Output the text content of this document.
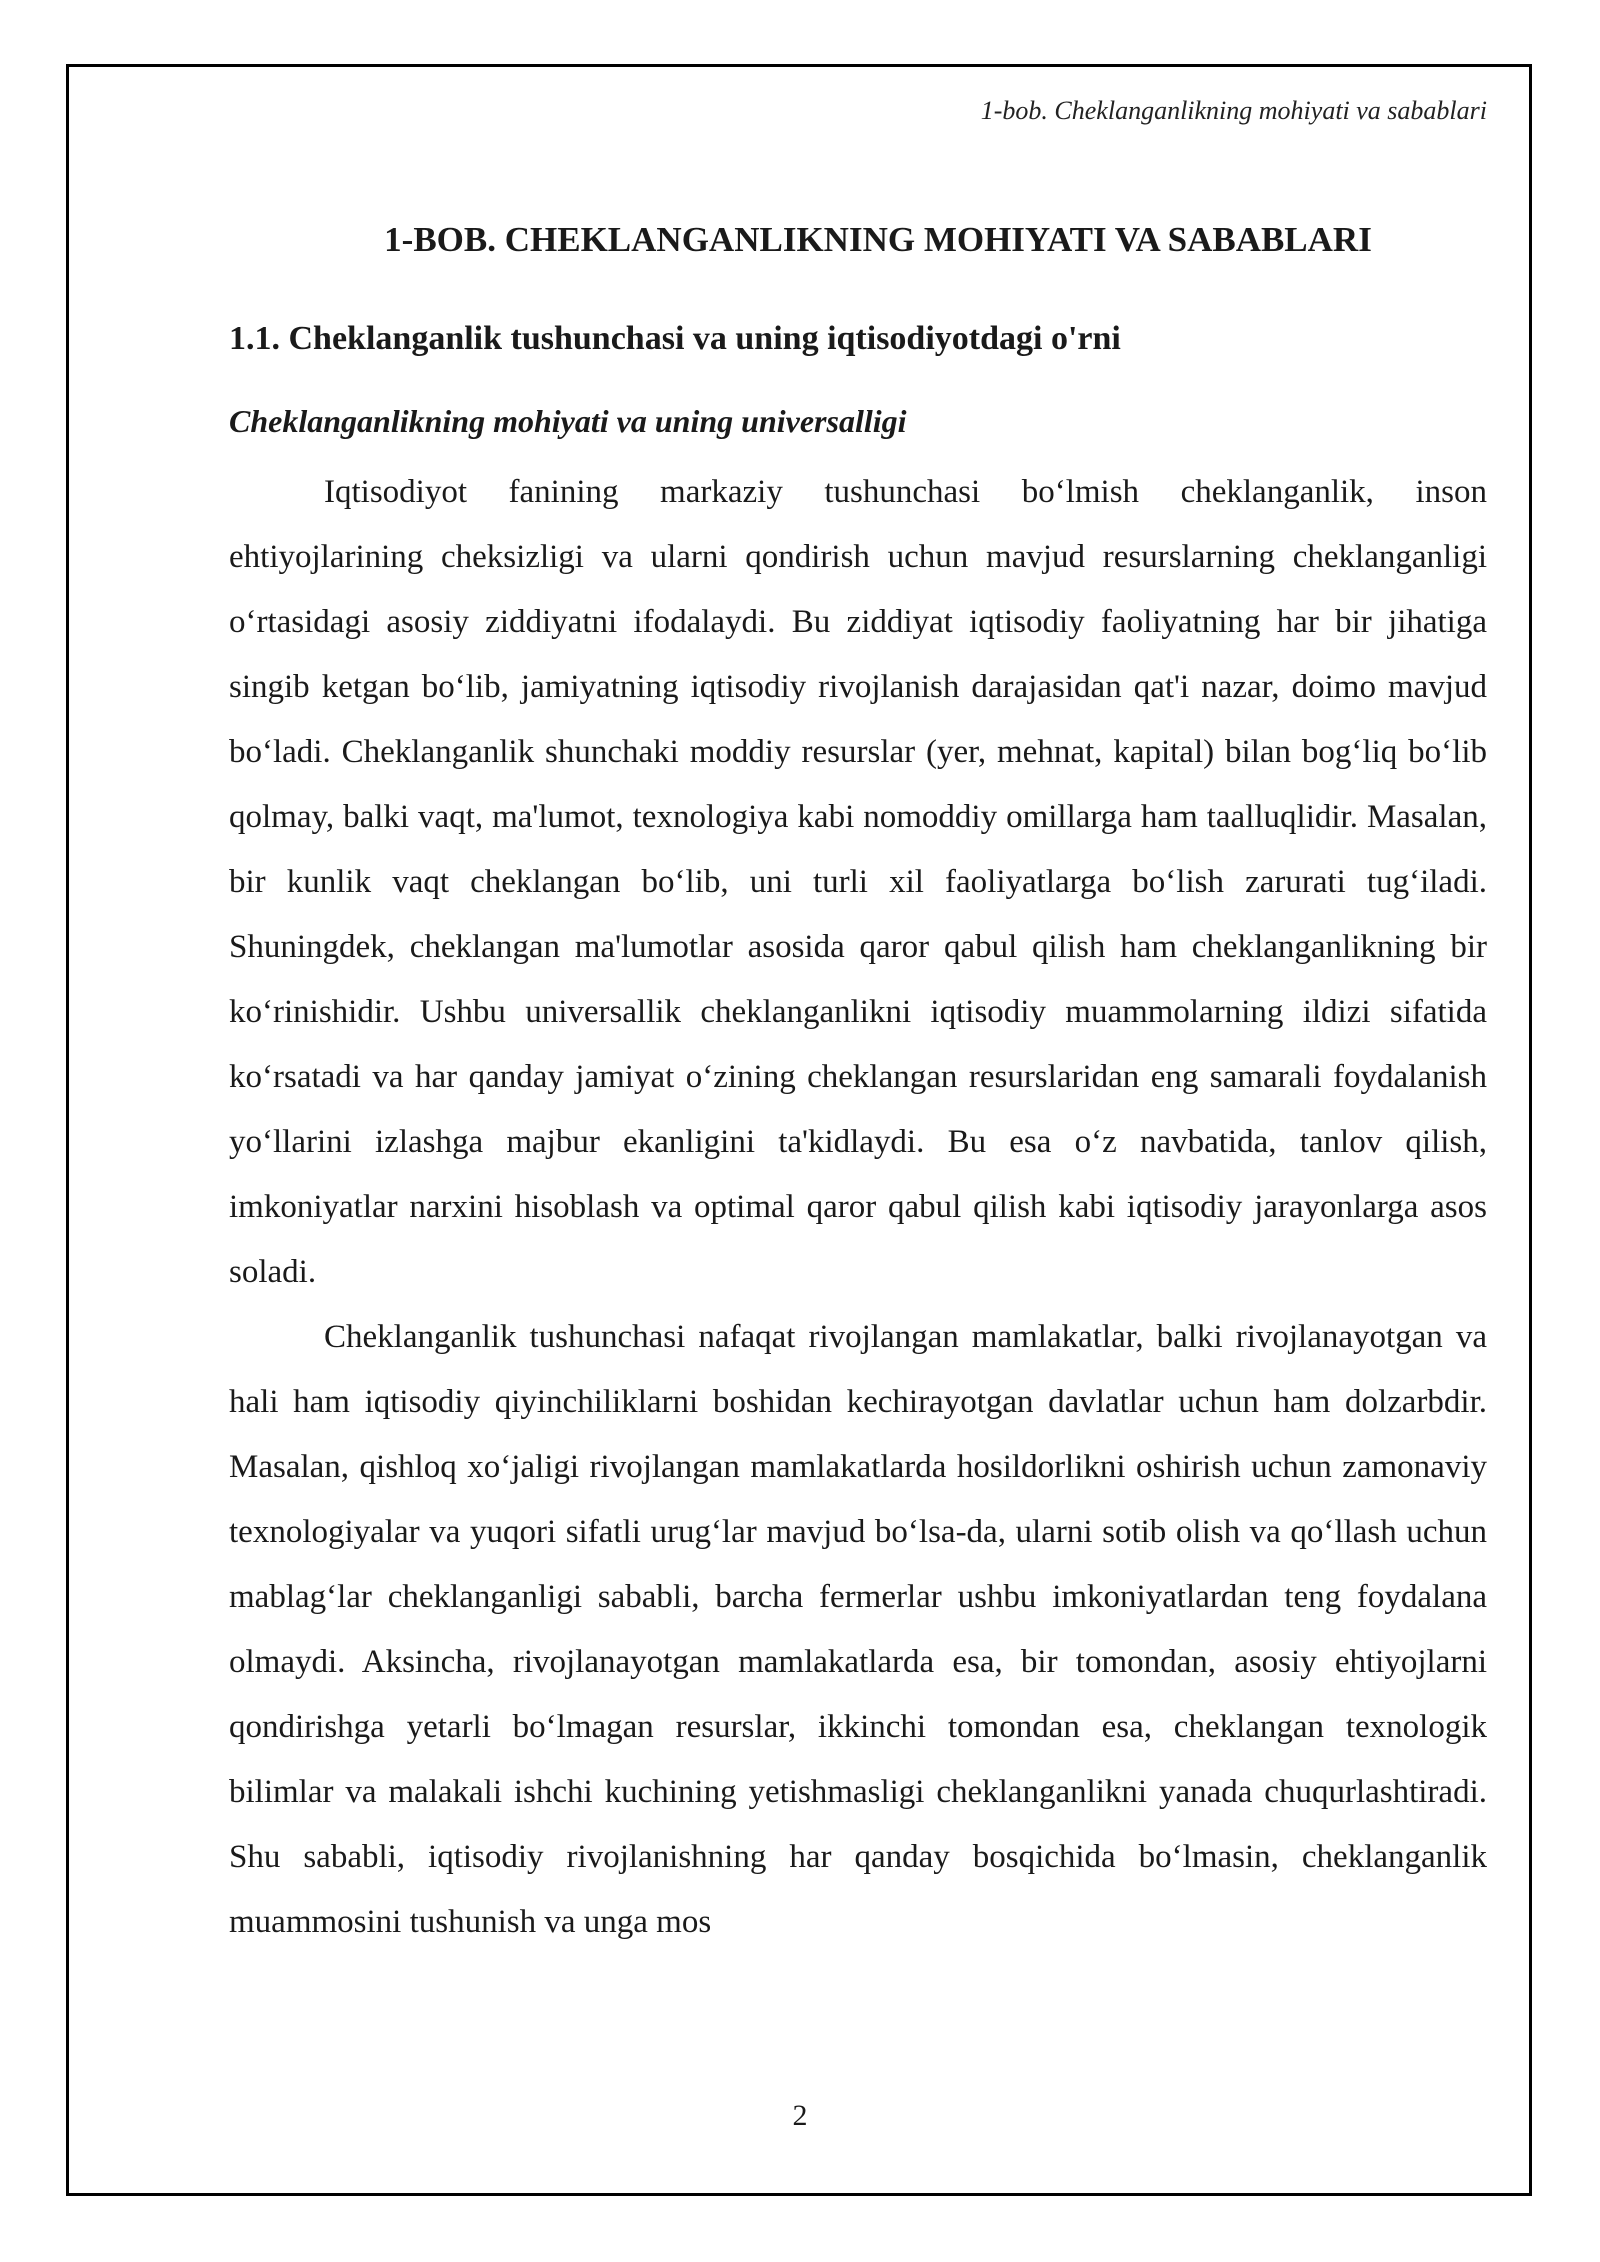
1-bob. Cheklanganlikning mohiyati va sabablari
1-BOB. CHEKLANGANLIKNING MOHIYATI VA SABABLARI
1.1. Cheklanganlik tushunchasi va uning iqtisodiyotdagi o'rni
Cheklanganlikning mohiyati va uning universalligi

Iqtisodiyot fanining markaziy tushunchasi bo‘lmish cheklanganlik, inson ehtiyojlarining cheksizligi va ularni qondirish uchun mavjud resurslarning cheklanganligi o‘rtasidagi asosiy ziddiyatni ifodalaydi. Bu ziddiyat iqtisodiy faoliyatning har bir jihatiga singib ketgan bo‘lib, jamiyatning iqtisodiy rivojlanish darajasidan qat'i nazar, doimo mavjud bo‘ladi. Cheklanganlik shunchaki moddiy resurslar (yer, mehnat, kapital) bilan bog‘liq bo‘lib qolmay, balki vaqt, ma'lumot, texnologiya kabi nomoddiy omillarga ham taalluqlidir. Masalan, bir kunlik vaqt cheklangan bo‘lib, uni turli xil faoliyatlarga bo‘lish zarurati tug‘iladi. Shuningdek, cheklangan ma'lumotlar asosida qaror qabul qilish ham cheklanganlikning bir ko‘rinishidir. Ushbu universallik cheklanganlikni iqtisodiy muammolarning ildizi sifatida ko‘rsatadi va har qanday jamiyat o‘zining cheklangan resurslaridan eng samarali foydalanish yo‘llarini izlashga majbur ekanligini ta'kidlaydi. Bu esa o‘z navbatida, tanlov qilish, imkoniyatlar narxini hisoblash va optimal qaror qabul qilish kabi iqtisodiy jarayonlarga asos soladi.

Cheklanganlik tushunchasi nafaqat rivojlangan mamlakatlar, balki rivojlanayotgan va hali ham iqtisodiy qiyinchiliklarni boshidan kechirayotgan davlatlar uchun ham dolzarbdir. Masalan, qishloq xo‘jaligi rivojlangan mamlakatlarda hosildorlikni oshirish uchun zamonaviy texnologiyalar va yuqori sifatli urug‘lar mavjud bo‘lsa-da, ularni sotib olish va qo‘llash uchun mablag‘lar cheklanganligi sababli, barcha fermerlar ushbu imkoniyatlardan teng foydalana olmaydi. Aksincha, rivojlanayotgan mamlakatlarda esa, bir tomondan, asosiy ehtiyojlarni qondirishga yetarli bo‘lmagan resurslar, ikkinchi tomondan esa, cheklangan texnologik bilimlar va malakali ishchi kuchining yetishmasligi cheklanganlikni yanada chuqurlashtiradi. Shu sababli, iqtisodiy rivojlanishning har qanday bosqichida bo‘lmasin, cheklanganlik muammosini tushunish va unga mos

2
